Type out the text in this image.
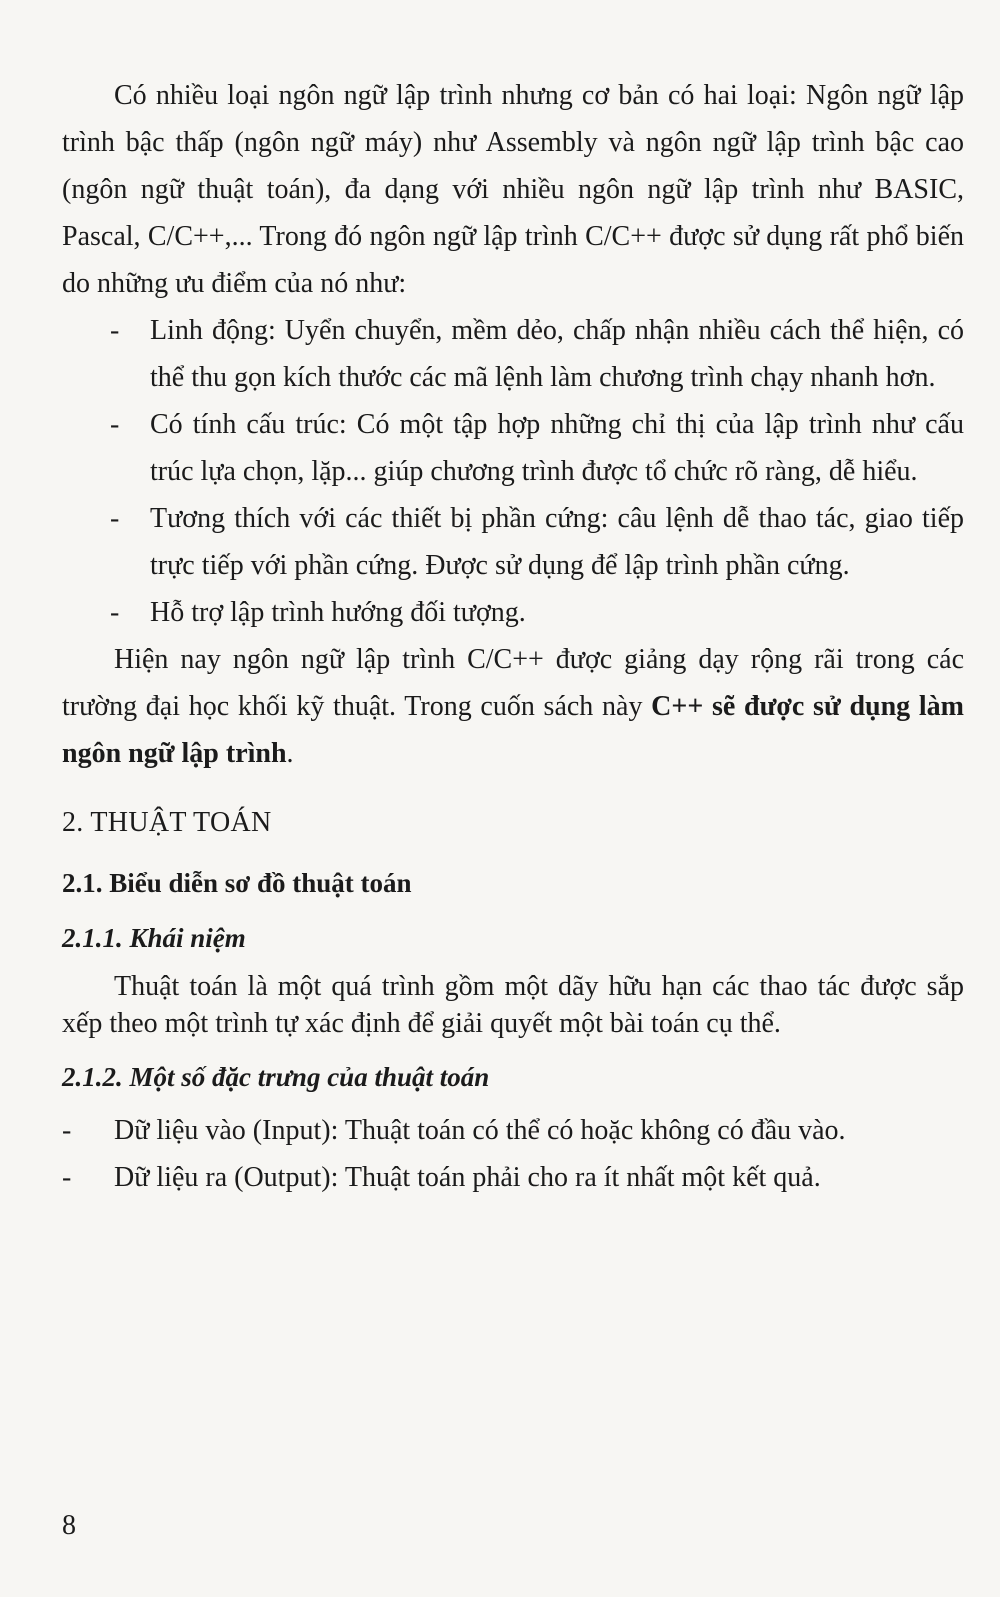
Có nhiều loại ngôn ngữ lập trình nhưng cơ bản có hai loại: Ngôn ngữ lập trình bậc thấp (ngôn ngữ máy) như Assembly và ngôn ngữ lập trình bậc cao (ngôn ngữ thuật toán), đa dạng với nhiều ngôn ngữ lập trình như BASIC, Pascal, C/C++,... Trong đó ngôn ngữ lập trình C/C++ được sử dụng rất phổ biến do những ưu điểm của nó như:

- Linh động: Uyển chuyển, mềm dẻo, chấp nhận nhiều cách thể hiện, có thể thu gọn kích thước các mã lệnh làm chương trình chạy nhanh hơn.
- Có tính cấu trúc: Có một tập hợp những chỉ thị của lập trình như cấu trúc lựa chọn, lặp... giúp chương trình được tổ chức rõ ràng, dễ hiểu.
- Tương thích với các thiết bị phần cứng: câu lệnh dễ thao tác, giao tiếp trực tiếp với phần cứng. Được sử dụng để lập trình phần cứng.
- Hỗ trợ lập trình hướng đối tượng.

Hiện nay ngôn ngữ lập trình C/C++ được giảng dạy rộng rãi trong các trường đại học khối kỹ thuật. Trong cuốn sách này C++ sẽ được sử dụng làm ngôn ngữ lập trình.

2. THUẬT TOÁN
2.1. Biểu diễn sơ đồ thuật toán
2.1.1. Khái niệm

Thuật toán là một quá trình gồm một dãy hữu hạn các thao tác được sắp xếp theo một trình tự xác định để giải quyết một bài toán cụ thể.

2.1.2. Một số đặc trưng của thuật toán
- Dữ liệu vào (Input): Thuật toán có thể có hoặc không có đầu vào.
- Dữ liệu ra (Output): Thuật toán phải cho ra ít nhất một kết quả.
8
